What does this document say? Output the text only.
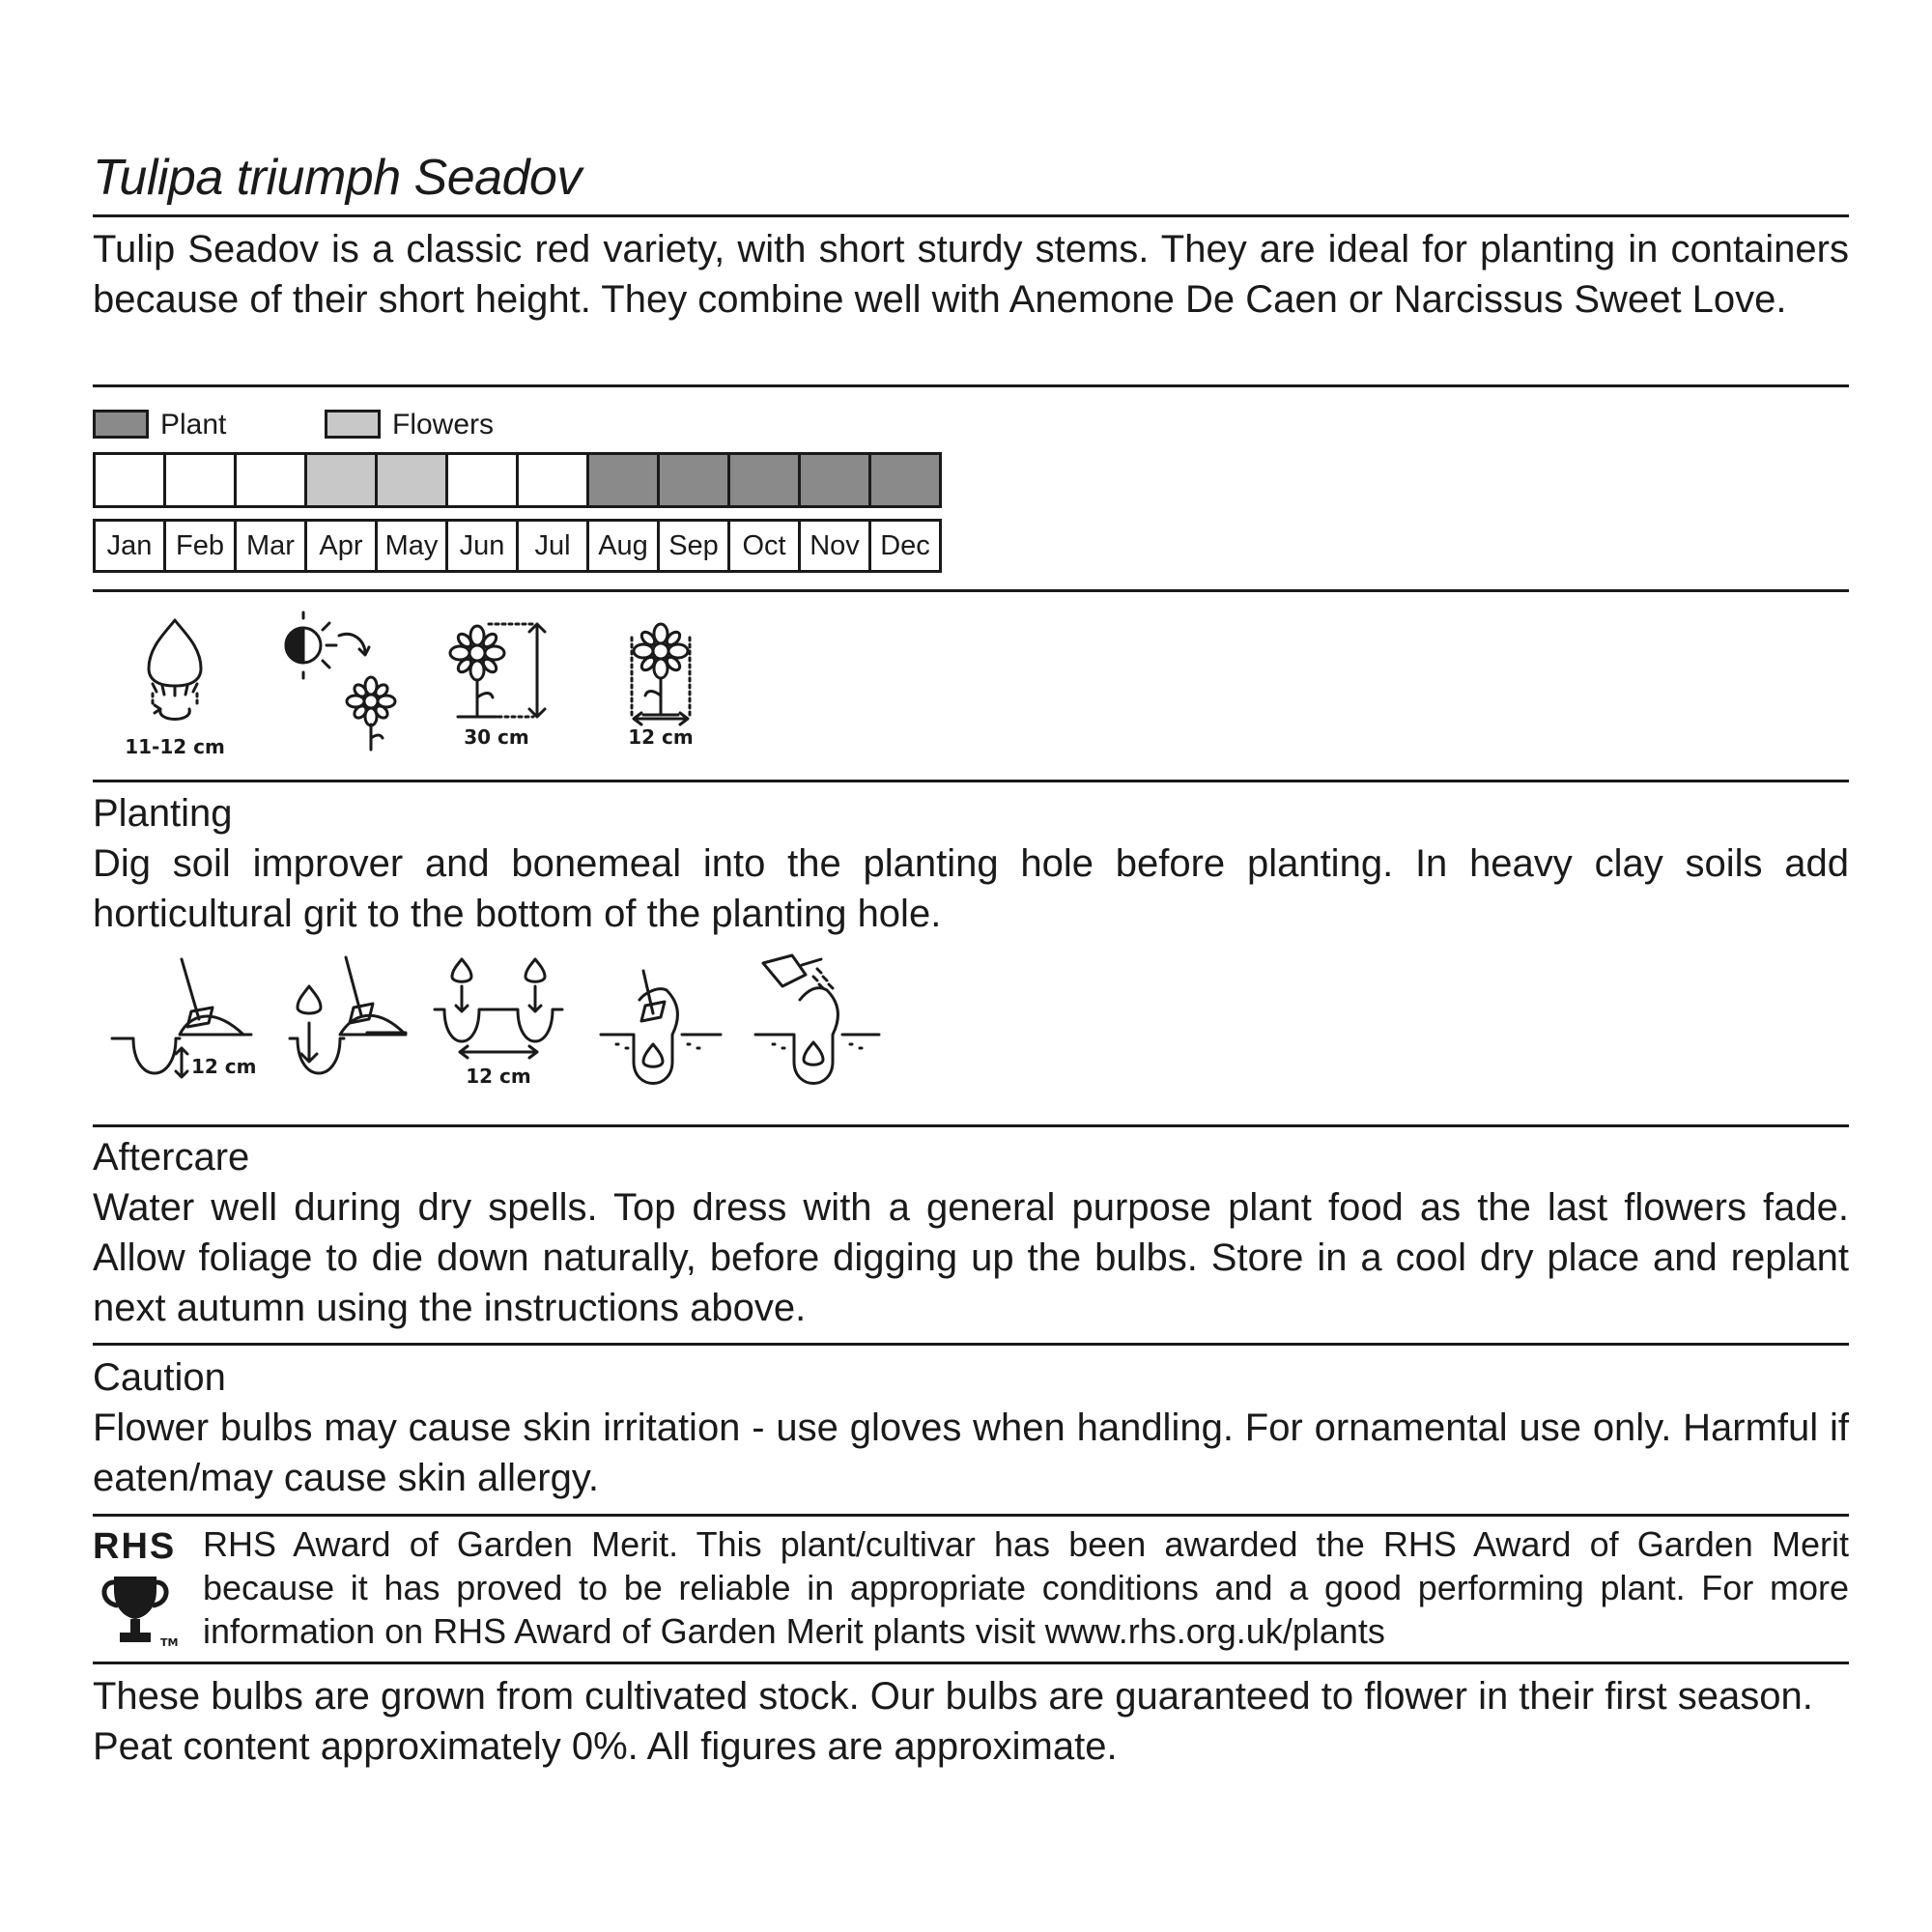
Tulipa triumph Seadov
Tulip Seadov is a classic red variety, with short sturdy stems. They are ideal for planting in containers because of their short height. They combine well with Anemone De Caen or Narcissus Sweet Love.
Plant	Flowers
Jan Feb Mar Apr May Jun	Jul Aug Sep Oct Nov Dec
11-12 cm	30 cm	12 cm
Planting
Dig soil improver and bonemeal into the planting hole before planting. In heavy clay soils add horticultural grit to the bottom of the planting hole.
12 cm	12 cm
Aftercare
Water well during dry spells. Top dress with a general purpose plant food as the last flowers fade. Allow foliage to die down naturally, before digging up the bulbs. Store in a cool dry place and replant next autumn using the instructions above.
Caution
Flower bulbs may cause skin irritation - use gloves when handling. For ornamental use only. Harmful if eaten/may cause skin allergy.
RHS
TM
RHS Award of Garden Merit. This plant/cultivar has been awarded the RHS Award of Garden Merit because it has proved to be reliable in appropriate conditions and a good performing plant. For more information on RHS Award of Garden Merit plants visit www.rhs.org.uk/plants
These bulbs are grown from cultivated stock. Our bulbs are guaranteed to flower in their first season. Peat content approximately 0%. All figures are approximate.
